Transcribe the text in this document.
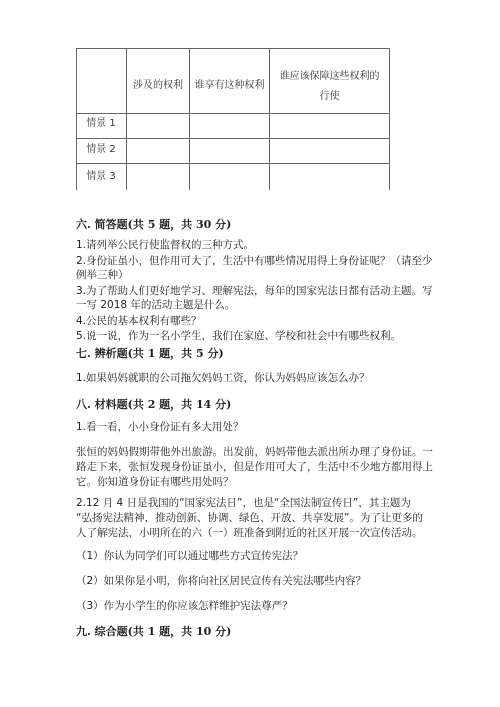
涉及的权利	谁享有这种权利
谁应该保障这些权利的
行使
情景 1
情景 2
情景 3
六. 简答题(共 5 题，共 30 分)
1.请列举公民行使监督权的三种方式。
2.身份证虽小，但作用可大了，生活中有哪些情况用得上身份证呢？（请至少
例举三种）
3.为了帮助人们更好地学习、理解宪法，每年的国家宪法日都有活动主题。写
一写 2018 年的活动主题是什么。
4.公民的基本权利有哪些？
5.说一说，作为一名小学生，我们在家庭、学校和社会中有哪些权利。
七. 辨析题(共 1 题，共 5 分)
1.如果妈妈就职的公司拖欠妈妈工资，你认为妈妈应该怎么办？
八. 材料题(共 2 题，共 14 分)
1.看一看，小小身份证有多大用处？
张恒的妈妈假期带他外出旅游。出发前，妈妈带他去派出所办理了身份证。一
路走下来，张恒发现身份证虽小，但是作用可大了，生活中不少地方都用得上
它。你知道身份证有哪些用处吗？
2.12 月 4 日是我国的“国家宪法日”，也是“全国法制宣传日”，其主题为
“弘扬宪法精神，推动创新、协调、绿色、开放、共享发展”。为了让更多的
人了解宪法，小明所在的六（一）班准备到附近的社区开展一次宣传活动。
（1）你认为同学们可以通过哪些方式宣传宪法？
（2）如果你是小明，你将向社区居民宣传有关宪法哪些内容？
（3）作为小学生的你应该怎样维护宪法尊严？
九. 综合题(共 1 题，共 10 分)
